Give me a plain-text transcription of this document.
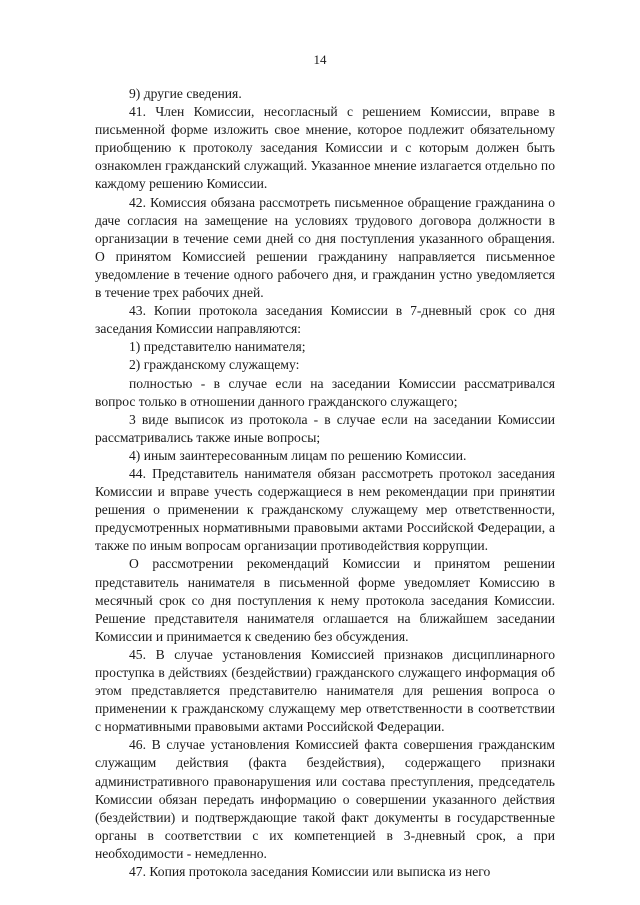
14

9) другие сведения.

41. Член Комиссии, несогласный с решением Комиссии, вправе в письменной форме изложить свое мнение, которое подлежит обязательному приобщению к протоколу заседания Комиссии и с которым должен быть ознакомлен гражданский служащий. Указанное мнение излагается отдельно по каждому решению Комиссии.

42. Комиссия обязана рассмотреть письменное обращение гражданина о даче согласия на замещение на условиях трудового договора должности в организации в течение семи дней со дня поступления указанного обращения. О принятом Комиссией решении гражданину направляется письменное уведомление в течение одного рабочего дня, и гражданин устно уведомляется в течение трех рабочих дней.

43. Копии протокола заседания Комиссии в 7-дневный срок со дня заседания Комиссии направляются:

1) представителю нанимателя;

2) гражданскому служащему:

полностью - в случае если на заседании Комиссии рассматривался вопрос только в отношении данного гражданского служащего;

3 виде выписок из протокола - в случае если на заседании Комиссии рассматривались также иные вопросы;

4) иным заинтересованным лицам по решению Комиссии.

44. Представитель нанимателя обязан рассмотреть протокол заседания Комиссии и вправе учесть содержащиеся в нем рекомендации при принятии решения о применении к гражданскому служащему мер ответственности, предусмотренных нормативными правовыми актами Российской Федерации, а также по иным вопросам организации противодействия коррупции.

О рассмотрении рекомендаций Комиссии и принятом решении представитель нанимателя в письменной форме уведомляет Комиссию в месячный срок со дня поступления к нему протокола заседания Комиссии. Решение представителя нанимателя оглашается на ближайшем заседании Комиссии и принимается к сведению без обсуждения.

45. В случае установления Комиссией признаков дисциплинарного проступка в действиях (бездействии) гражданского служащего информация об этом представляется представителю нанимателя для решения вопроса о применении к гражданскому служащему мер ответственности в соответствии с нормативными правовыми актами Российской Федерации.

46. В случае установления Комиссией факта совершения гражданским служащим действия (факта бездействия), содержащего признаки административного правонарушения или состава преступления, председатель Комиссии обязан передать информацию о совершении указанного действия (бездействии) и подтверждающие такой факт документы в государственные органы в соответствии с их компетенцией в 3-дневный срок, а при необходимости - немедленно.

47. Копия протокола заседания Комиссии или выписка из него
